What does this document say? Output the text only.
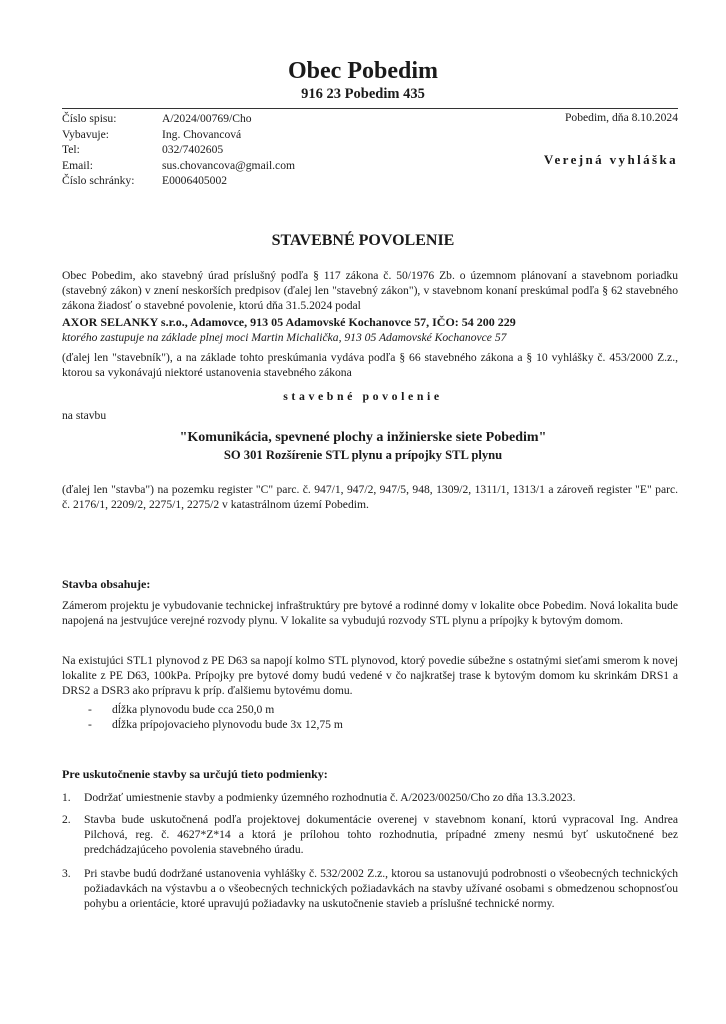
Obec Pobedim
916 23 Pobedim 435
Číslo spisu:	A/2024/00769/Cho
Vybavuje:	Ing. Chovancová
Tel:	032/7402605
Email:	sus.chovancova@gmail.com
Číslo schránky:	E0006405002
Pobedim, dňa 8.10.2024
Verejná vyhláška
STAVEBNÉ POVOLENIE
Obec Pobedim, ako stavebný úrad príslušný podľa § 117 zákona č. 50/1976 Zb. o územnom plánovaní a stavebnom poriadku (stavebný zákon) v znení neskorších predpisov (ďalej len "stavebný zákon"), v stavebnom konaní preskúmal podľa § 62 stavebného zákona žiadosť o stavebné povolenie, ktorú dňa 31.5.2024 podal
AXOR SELANKY s.r.o., Adamovce, 913 05 Adamovské Kochanovce 57, IČO: 54 200 229
ktorého zastupuje na základe plnej moci Martin Michalička, 913 05 Adamovské Kochanovce 57
(ďalej len "stavebník"), a na základe tohto preskúmania vydáva podľa § 66 stavebného zákona a § 10 vyhlášky č. 453/2000 Z.z., ktorou sa vykonávajú niektoré ustanovenia stavebného zákona
stavebné povolenie
na stavbu
"Komunikácia, spevnené plochy a inžinierske siete Pobedim"
SO 301 Rozšírenie STL plynu a prípojky STL plynu
(ďalej len "stavba") na pozemku register "C" parc. č. 947/1, 947/2, 947/5, 948, 1309/2, 1311/1, 1313/1 a zároveň register "E" parc. č. 2176/1, 2209/2, 2275/1, 2275/2 v katastrálnom území Pobedim.
Stavba obsahuje:
Zámerom projektu je vybudovanie technickej infraštruktúry pre bytové a rodinné domy v lokalite obce Pobedim. Nová lokalita bude napojená na jestvujúce verejné rozvody plynu. V lokalite sa vybudujú rozvody STL plynu a prípojky k bytovým domom.
Na existujúci STL1 plynovod z PE D63 sa napojí kolmo STL plynovod, ktorý povedie súbežne s ostatnými sieťami smerom k novej lokalite z PE D63, 100kPa. Prípojky pre bytové domy budú vedené v čo najkratšej trase k bytovým domom ku skrinkám DRS1 a DRS2 a DSR3 ako prípravu k príp. ďalšiemu bytovému domu.
-	dĺžka plynovodu bude cca 250,0 m
-	dĺžka prípojovacieho plynovodu bude 3x 12,75 m
Pre uskutočnenie stavby sa určujú tieto podmienky:
1.	Dodržať umiestnenie stavby a podmienky územného rozhodnutia č. A/2023/00250/Cho zo dňa 13.3.2023.
2.	Stavba bude uskutočnená podľa projektovej dokumentácie overenej v stavebnom konaní, ktorú vypracoval Ing. Andrea Pilchová, reg. č. 4627*Z*14 a ktorá je prílohou tohto rozhodnutia, prípadné zmeny nesmú byť uskutočnené bez predchádzajúceho povolenia stavebného úradu.
3.	Pri stavbe budú dodržané ustanovenia vyhlášky č. 532/2002 Z.z., ktorou sa ustanovujú podrobnosti o všeobecných technických požiadavkách na výstavbu a o všeobecných technických požiadavkách na stavby užívané osobami s obmedzenou schopnosťou pohybu a orientácie, ktoré upravujú požiadavky na uskutočnenie stavieb a príslušné technické normy.
